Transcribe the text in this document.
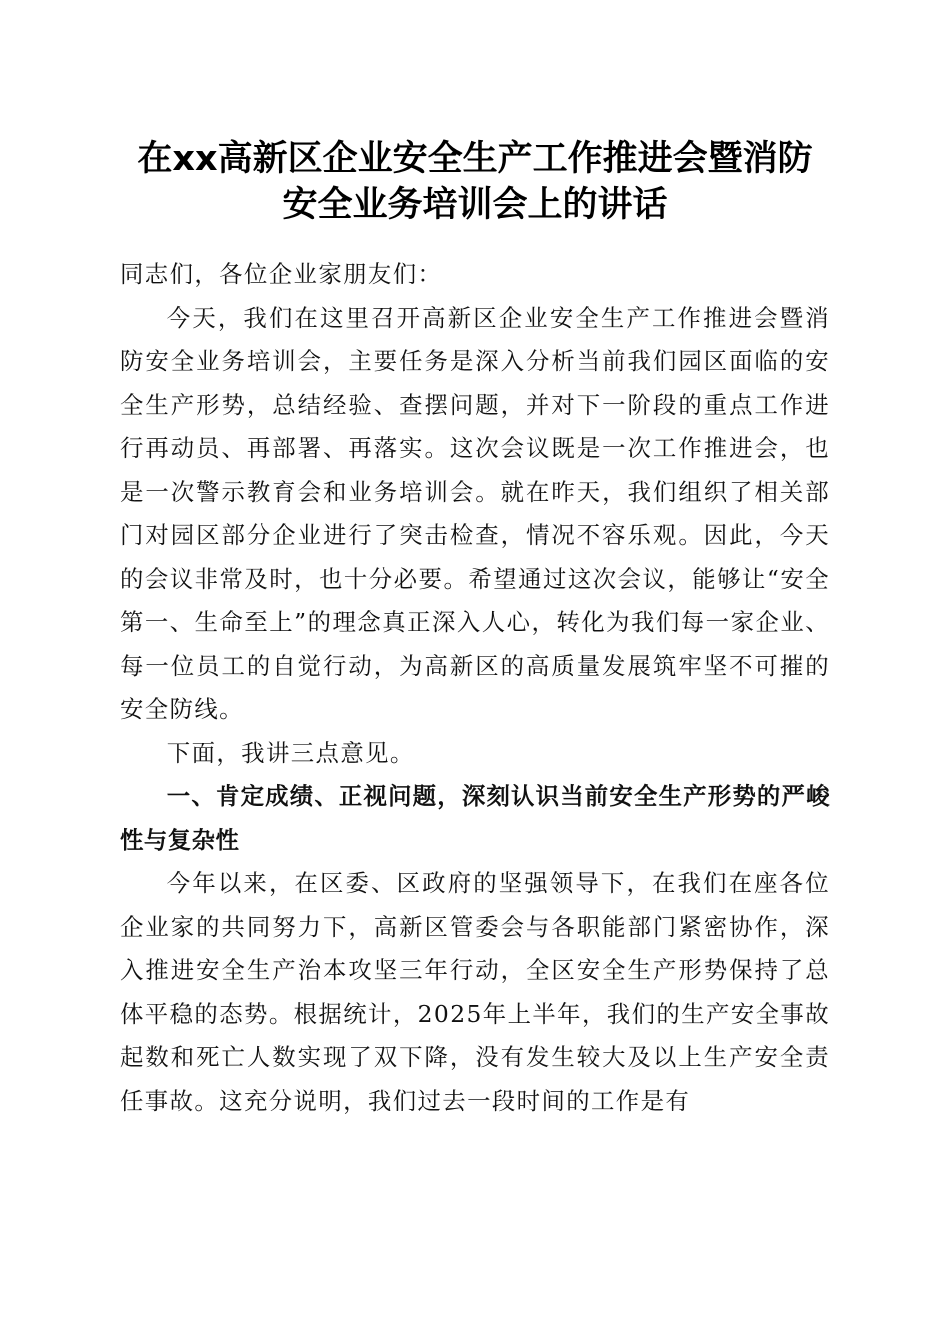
在xx高新区企业安全生产工作推进会暨消防
安全业务培训会上的讲话

同志们，各位企业家朋友们：

今天，我们在这里召开高新区企业安全生产工作推进会暨消防安全业务培训会，主要任务是深入分析当前我们园区面临的安全生产形势，总结经验、查摆问题，并对下一阶段的重点工作进行再动员、再部署、再落实。这次会议既是一次工作推进会，也是一次警示教育会和业务培训会。就在昨天，我们组织了相关部门对园区部分企业进行了突击检查，情况不容乐观。因此，今天的会议非常及时，也十分必要。希望通过这次会议，能够让“安全第一、生命至上”的理念真正深入人心，转化为我们每一家企业、每一位员工的自觉行动，为高新区的高质量发展筑牢坚不可摧的安全防线。

下面，我讲三点意见。

一、肯定成绩、正视问题，深刻认识当前安全生产形势的严峻性与复杂性

今年以来，在区委、区政府的坚强领导下，在我们在座各位企业家的共同努力下，高新区管委会与各职能部门紧密协作，深入推进安全生产治本攻坚三年行动，全区安全生产形势保持了总体平稳的态势。根据统计，2025年上半年，我们的生产安全事故起数和死亡人数实现了双下降，没有发生较大及以上生产安全责任事故。这充分说明，我们过去一段时间的工作是有
